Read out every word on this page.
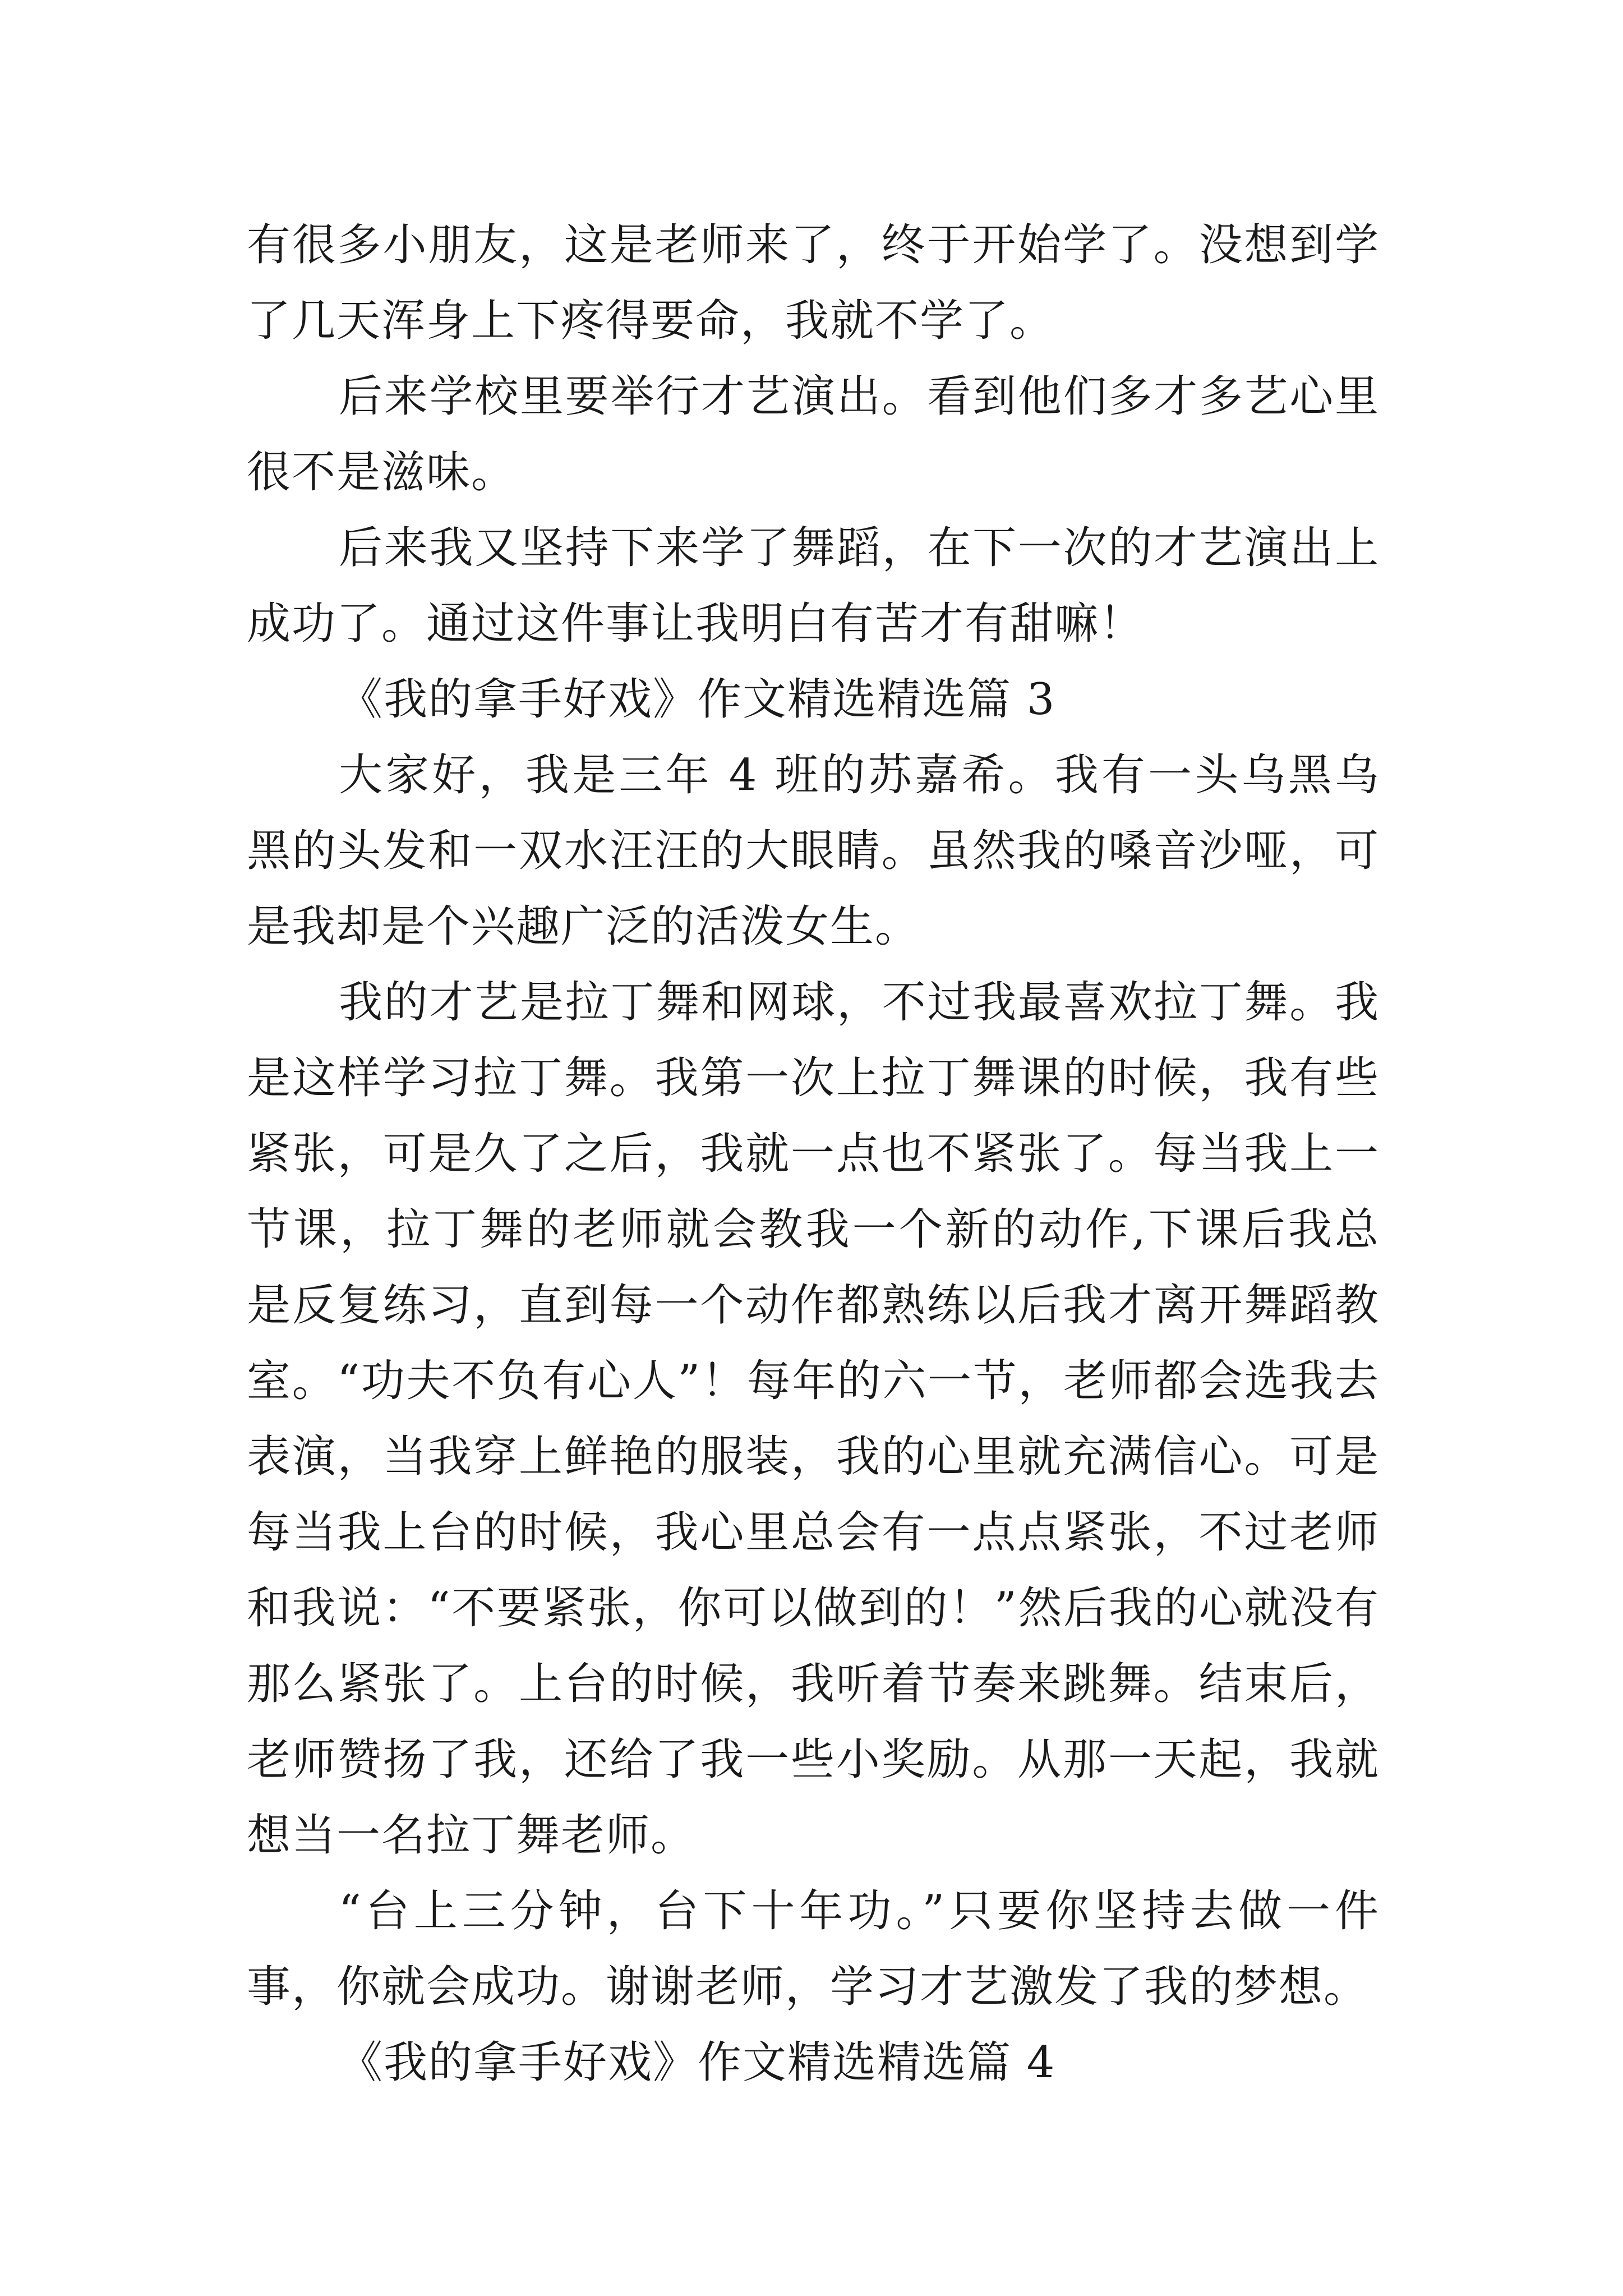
有很多小朋友，这是老师来了，终于开始学了。没想到学了几天浑身上下疼得要命，我就不学了。

后来学校里要举行才艺演出。看到他们多才多艺心里很不是滋味。

后来我又坚持下来学了舞蹈，在下一次的才艺演出上成功了。通过这件事让我明白有苦才有甜嘛！

《我的拿手好戏》作文精选精选篇 3

大家好，我是三年 4 班的苏嘉希。我有一头乌黑乌黑的头发和一双水汪汪的大眼睛。虽然我的嗓音沙哑，可是我却是个兴趣广泛的活泼女生。

我的才艺是拉丁舞和网球，不过我最喜欢拉丁舞。我是这样学习拉丁舞。我第一次上拉丁舞课的时候，我有些紧张，可是久了之后，我就一点也不紧张了。每当我上一节课，拉丁舞的老师就会教我一个新的动作,下课后我总是反复练习，直到每一个动作都熟练以后我才离开舞蹈教室。“功夫不负有心人”！每年的六一节，老师都会选我去表演，当我穿上鲜艳的服装，我的心里就充满信心。可是每当我上台的时候，我心里总会有一点点紧张，不过老师和我说：“不要紧张，你可以做到的！”然后我的心就没有那么紧张了。上台的时候，我听着节奏来跳舞。结束后，老师赞扬了我，还给了我一些小奖励。从那一天起，我就想当一名拉丁舞老师。

“台上三分钟，台下十年功。”只要你坚持去做一件事，你就会成功。谢谢老师，学习才艺激发了我的梦想。

《我的拿手好戏》作文精选精选篇 4
